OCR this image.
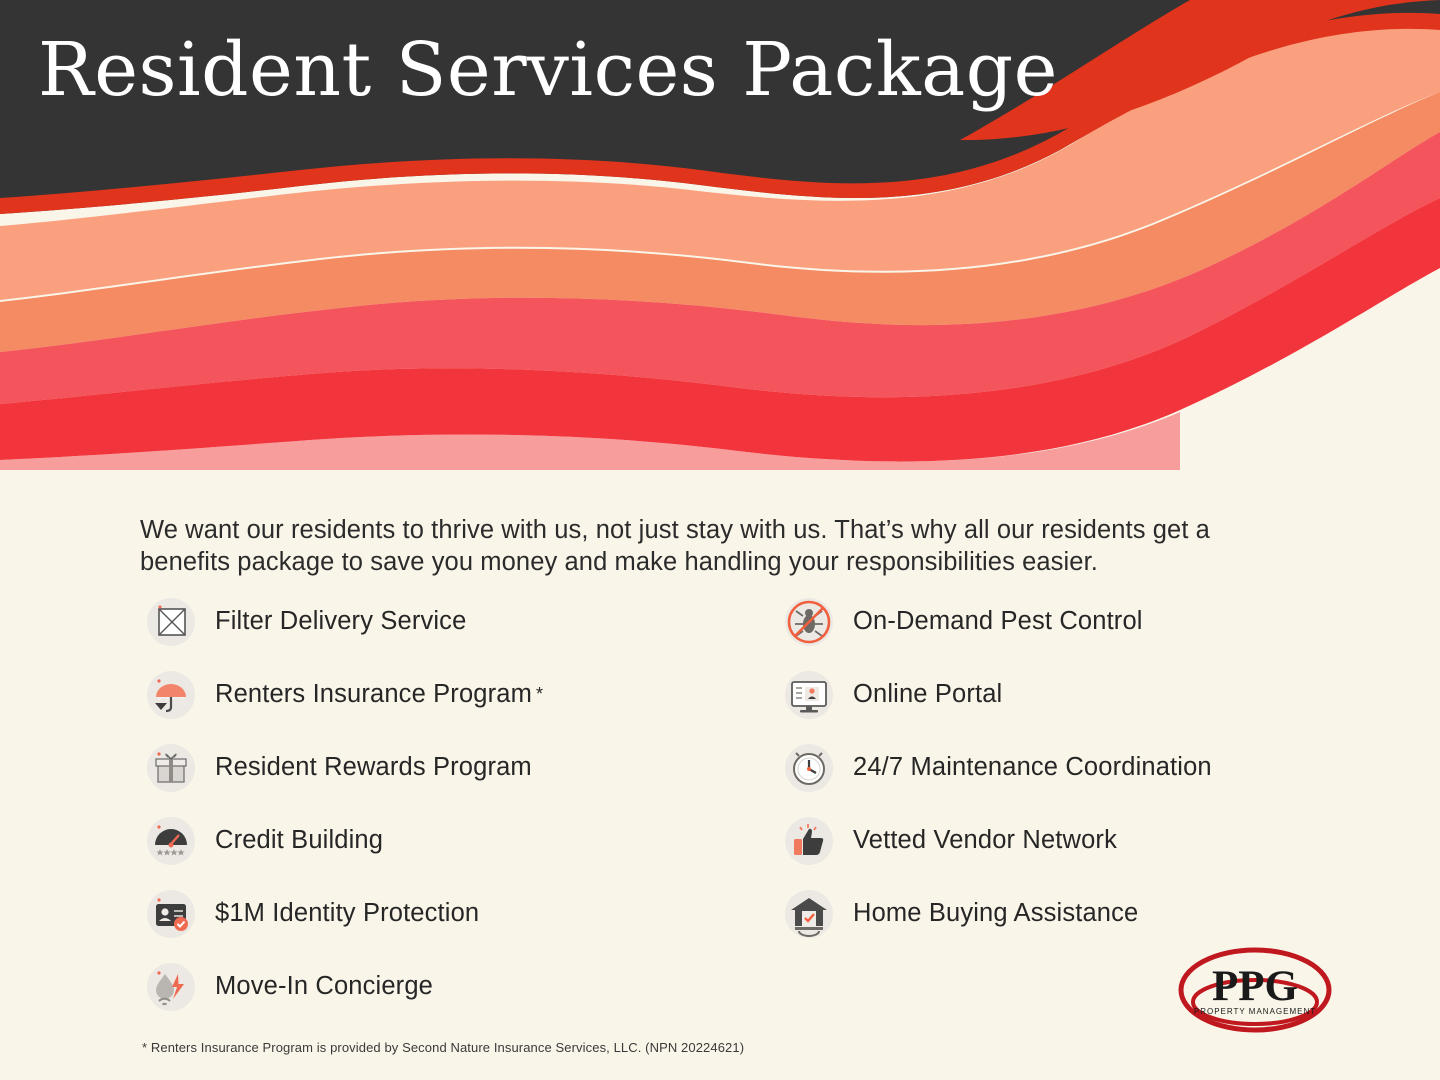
Resident Services Package

We want our residents to thrive with us, not just stay with us. That’s why all our residents get a benefits package to save you money and make handling your responsibilities easier.

Filter Delivery Service
Renters Insurance Program *
Resident Rewards Program
Credit Building
$1M Identity Protection
Move-In Concierge
On-Demand Pest Control
Online Portal
24/7 Maintenance Coordination
Vetted Vendor Network
Home Buying Assistance
* Renters Insurance Program is provided by Second Nature Insurance Services, LLC. (NPN 20224621)
PPG
PROPERTY MANAGEMENT
